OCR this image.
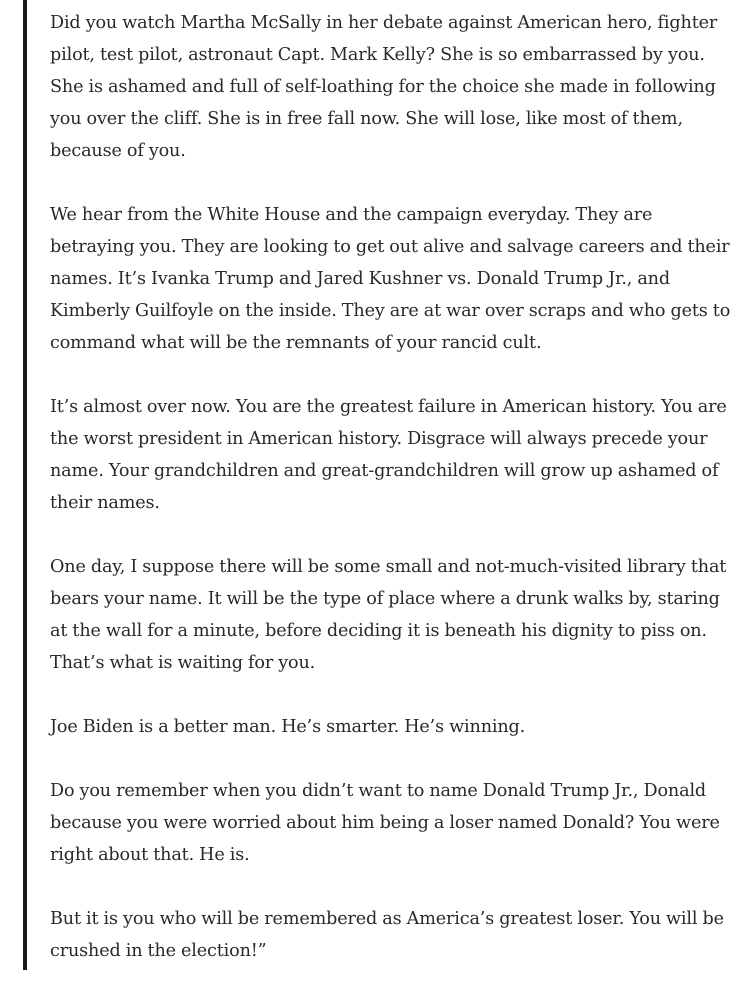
Did you watch Martha McSally in her debate against American hero, fighter pilot, test pilot, astronaut Capt. Mark Kelly? She is so embarrassed by you. She is ashamed and full of self-loathing for the choice she made in following you over the cliff. She is in free fall now. She will lose, like most of them, because of you.

We hear from the White House and the campaign everyday. They are betraying you. They are looking to get out alive and salvage careers and their names. It’s Ivanka Trump and Jared Kushner vs. Donald Trump Jr., and Kimberly Guilfoyle on the inside. They are at war over scraps and who gets to command what will be the remnants of your rancid cult.

It’s almost over now. You are the greatest failure in American history. You are the worst president in American history. Disgrace will always precede your name. Your grandchildren and great-grandchildren will grow up ashamed of their names.

One day, I suppose there will be some small and not-much-visited library that bears your name. It will be the type of place where a drunk walks by, staring at the wall for a minute, before deciding it is beneath his dignity to piss on. That’s what is waiting for you.

Joe Biden is a better man. He’s smarter. He’s winning.

Do you remember when you didn’t want to name Donald Trump Jr., Donald because you were worried about him being a loser named Donald? You were right about that. He is.

But it is you who will be remembered as America’s greatest loser. You will be crushed in the election!”
